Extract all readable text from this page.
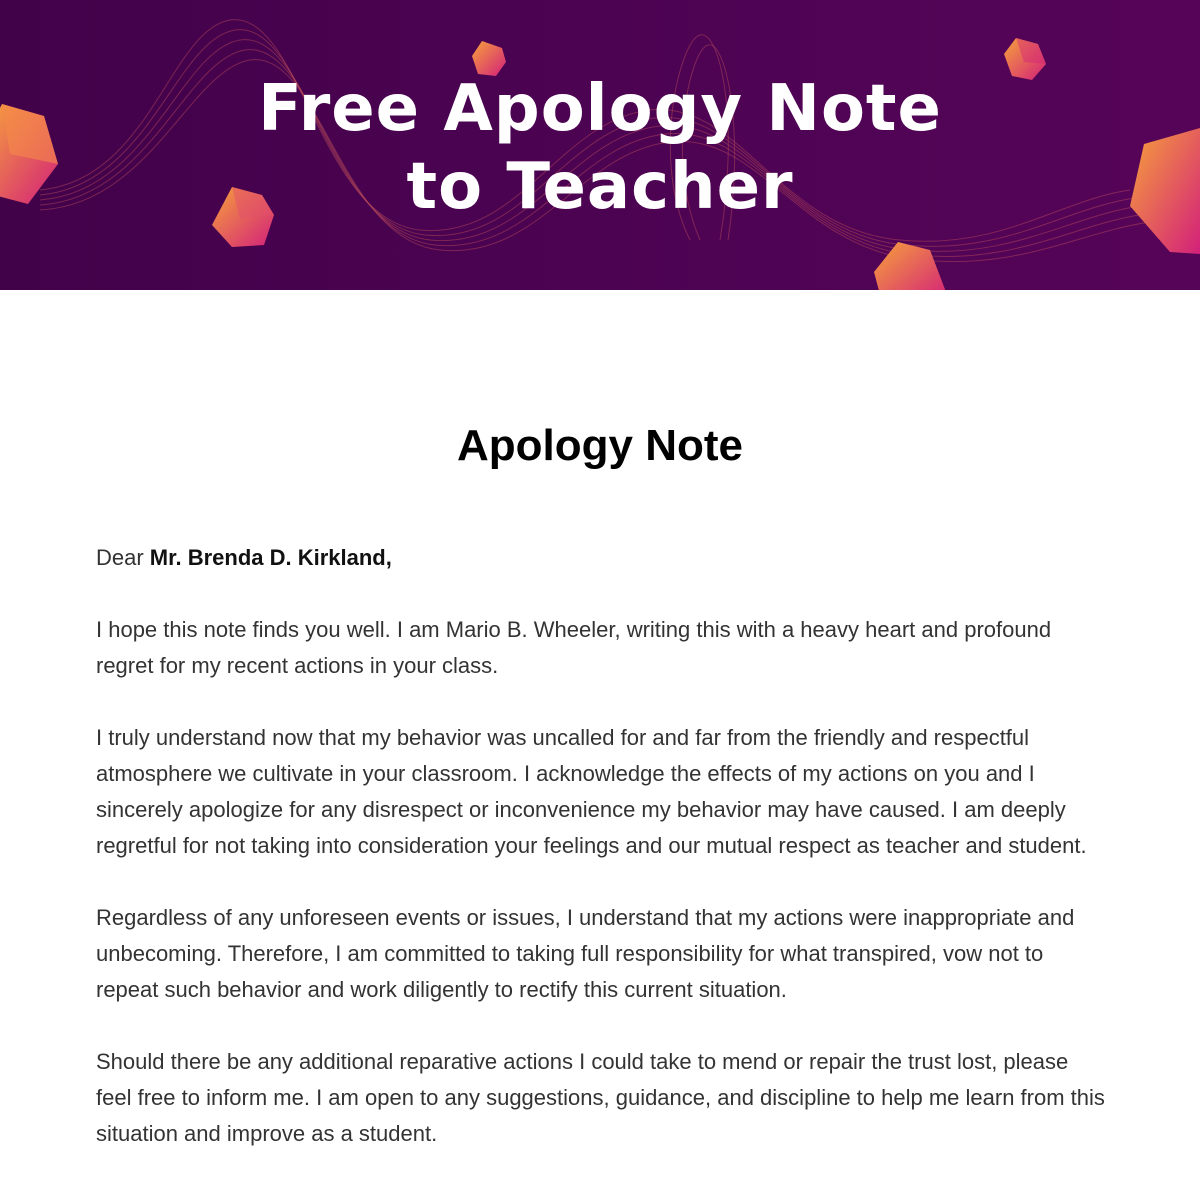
Free Apology Note
to Teacher
Apology Note
Dear Mr. Brenda D. Kirkland,

I hope this note finds you well. I am Mario B. Wheeler, writing this with a heavy heart and profound regret for my recent actions in your class.

I truly understand now that my behavior was uncalled for and far from the friendly and respectful atmosphere we cultivate in your classroom. I acknowledge the effects of my actions on you and I sincerely apologize for any disrespect or inconvenience my behavior may have caused. I am deeply regretful for not taking into consideration your feelings and our mutual respect as teacher and student.

Regardless of any unforeseen events or issues, I understand that my actions were inappropriate and unbecoming. Therefore, I am committed to taking full responsibility for what transpired, vow not to repeat such behavior and work diligently to rectify this current situation.

Should there be any additional reparative actions I could take to mend or repair the trust lost, please feel free to inform me. I am open to any suggestions, guidance, and discipline to help me learn from this situation and improve as a student.
